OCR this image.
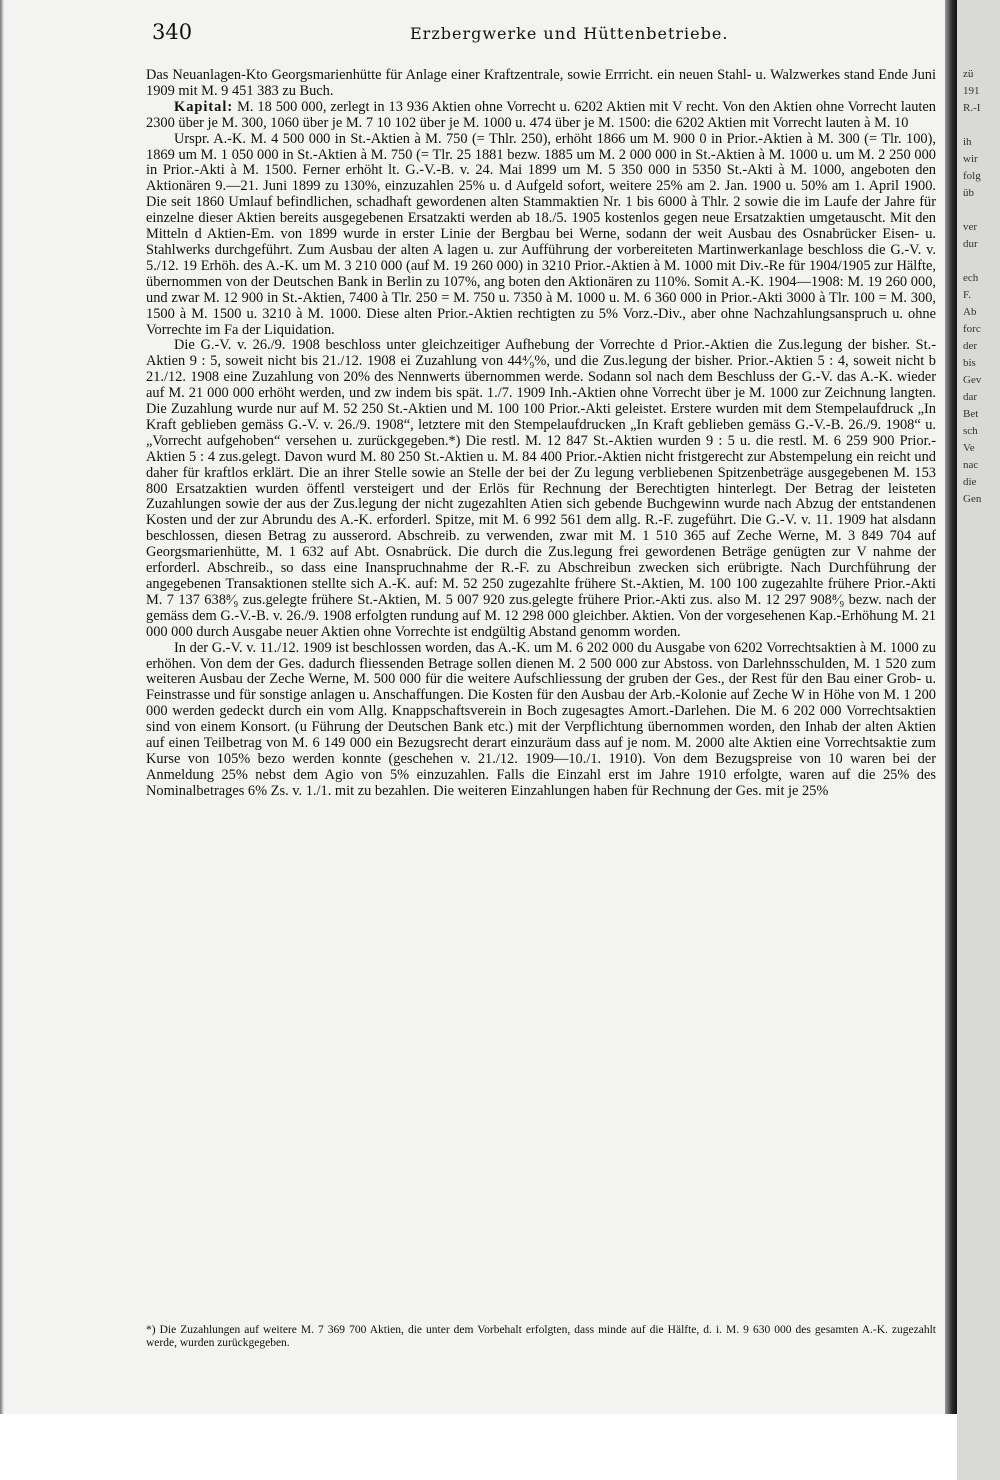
340	Erzbergwerke und Hüttenbetriebe.

Das Neuanlagen-Kto Georgsmarienhütte für Anlage einer Kraftzentrale, sowie Errricht. ein neuen Stahl- u. Walzwerkes stand Ende Juni 1909 mit M. 9 451 383 zu Buch.

Kapital: M. 18 500 000, zerlegt in 13 936 Aktien ohne Vorrecht u. 6202 Aktien mit V recht. Von den Aktien ohne Vorrecht lauten 2300 über je M. 300, 1060 über je M. 7 10 102 über je M. 1000 u. 474 über je M. 1500: die 6202 Aktien mit Vorrecht lauten à M. 10

Urspr. A.-K. M. 4 500 000 in St.-Aktien à M. 750 (= Thlr. 250), erhöht 1866 um M. 900 0 in Prior.-Aktien à M. 300 (= Tlr. 100), 1869 um M. 1 050 000 in St.-Aktien à M. 750 (= Tlr. 25 1881 bezw. 1885 um M. 2 000 000 in St.-Aktien à M. 1000 u. um M. 2 250 000 in Prior.-Akti à M. 1500. Ferner erhöht lt. G.-V.-B. v. 24. Mai 1899 um M. 5 350 000 in 5350 St.-Akti à M. 1000, angeboten den Aktionären 9.—21. Juni 1899 zu 130%, einzuzahlen 25% u. d Aufgeld sofort, weitere 25% am 2. Jan. 1900 u. 50% am 1. April 1900. Die seit 1860 Umlauf befindlichen, schadhaft gewordenen alten Stammaktien Nr. 1 bis 6000 à Thlr. 2 sowie die im Laufe der Jahre für einzelne dieser Aktien bereits ausgegebenen Ersatzakti werden ab 18./5. 1905 kostenlos gegen neue Ersatzaktien umgetauscht. Mit den Mitteln d Aktien-Em. von 1899 wurde in erster Linie der Bergbau bei Werne, sodann der weit Ausbau des Osnabrücker Eisen- u. Stahlwerks durchgeführt. Zum Ausbau der alten A lagen u. zur Aufführung der vorbereiteten Martinwerkanlage beschloss die G.-V. v. 5./12. 19 Erhöh. des A.-K. um M. 3 210 000 (auf M. 19 260 000) in 3210 Prior.-Aktien à M. 1000 mit Div.-Re für 1904/1905 zur Hälfte, übernommen von der Deutschen Bank in Berlin zu 107%, ang boten den Aktionären zu 110%. Somit A.-K. 1904—1908: M. 19 260 000, und zwar M. 12 900 in St.-Aktien, 7400 à Tlr. 250 = M. 750 u. 7350 à M. 1000 u. M. 6 360 000 in Prior.-Akti 3000 à Tlr. 100 = M. 300, 1500 à M. 1500 u. 3210 à M. 1000. Diese alten Prior.-Aktien rechtigten zu 5% Vorz.-Div., aber ohne Nachzahlungsanspruch u. ohne Vorrechte im Fa der Liquidation.

Die G.-V. v. 26./9. 1908 beschloss unter gleichzeitiger Aufhebung der Vorrechte d Prior.-Aktien die Zus.legung der bisher. St.-Aktien 9 : 5, soweit nicht bis 21./12. 1908 ei Zuzahlung von 44⁴⁄₉%, und die Zus.legung der bisher. Prior.-Aktien 5 : 4, soweit nicht b 21./12. 1908 eine Zuzahlung von 20% des Nennwerts übernommen werde. Sodann sol nach dem Beschluss der G.-V. das A.-K. wieder auf M. 21 000 000 erhöht werden, und zw indem bis spät. 1./7. 1909 Inh.-Aktien ohne Vorrecht über je M. 1000 zur Zeichnung langten. Die Zuzahlung wurde nur auf M. 52 250 St.-Aktien und M. 100 100 Prior.-Akti geleistet. Erstere wurden mit dem Stempelaufdruck „In Kraft geblieben gemäss G.-V. v. 26./9. 1908“, letztere mit den Stempelaufdrucken „In Kraft geblieben gemäss G.-V.-B. 26./9. 1908“ u. „Vorrecht aufgehoben“ versehen u. zurückgegeben.*) Die restl. M. 12 847 St.-Aktien wurden 9 : 5 u. die restl. M. 6 259 900 Prior.-Aktien 5 : 4 zus.gelegt. Davon wurd M. 80 250 St.-Aktien u. M. 84 400 Prior.-Aktien nicht fristgerecht zur Abstempelung ein reicht und daher für kraftlos erklärt. Die an ihrer Stelle sowie an Stelle der bei der Zu legung verbliebenen Spitzenbeträge ausgegebenen M. 153 800 Ersatzaktien wurden öffentl versteigert und der Erlös für Rechnung der Berechtigten hinterlegt. Der Betrag der leisteten Zuzahlungen sowie der aus der Zus.legung der nicht zugezahlten Atien sich gebende Buchgewinn wurde nach Abzug der entstandenen Kosten und der zur Abrundu des A.-K. erforderl. Spitze, mit M. 6 992 561 dem allg. R.-F. zugeführt. Die G.-V. v. 11. 1909 hat alsdann beschlossen, diesen Betrag zu ausserord. Abschreib. zu verwenden, zwar mit M. 1 510 365 auf Zeche Werne, M. 3 849 704 auf Georgsmarienhütte, M. 1 632 auf Abt. Osnabrück. Die durch die Zus.legung frei gewordenen Beträge genügten zur V nahme der erforderl. Abschreib., so dass eine Inanspruchnahme der R.-F. zu Abschreibun zwecken sich erübrigte. Nach Durchführung der angegebenen Transaktionen stellte sich A.-K. auf: M. 52 250 zugezahlte frühere St.-Aktien, M. 100 100 zugezahlte frühere Prior.-Akti M. 7 137 638⁸⁄₉ zus.gelegte frühere St.-Aktien, M. 5 007 920 zus.gelegte frühere Prior.-Akti zus. also M. 12 297 908⁸⁄₉ bezw. nach der gemäss dem G.-V.-B. v. 26./9. 1908 erfolgten rundung auf M. 12 298 000 gleichber. Aktien. Von der vorgesehenen Kap.-Erhöhung M. 21 000 000 durch Ausgabe neuer Aktien ohne Vorrechte ist endgültig Abstand genomm worden.

In der G.-V. v. 11./12. 1909 ist beschlossen worden, das A.-K. um M. 6 202 000 du Ausgabe von 6202 Vorrechtsaktien à M. 1000 zu erhöhen. Von dem der Ges. dadurch fliessenden Betrage sollen dienen M. 2 500 000 zur Abstoss. von Darlehnsschulden, M. 1 520 zum weiteren Ausbau der Zeche Werne, M. 500 000 für die weitere Aufschliessung der gruben der Ges., der Rest für den Bau einer Grob- u. Feinstrasse und für sonstige anlagen u. Anschaffungen. Die Kosten für den Ausbau der Arb.-Kolonie auf Zeche W in Höhe von M. 1 200 000 werden gedeckt durch ein vom Allg. Knappschaftsverein in Boch zugesagtes Amort.-Darlehen. Die M. 6 202 000 Vorrechtsaktien sind von einem Konsort. (u Führung der Deutschen Bank etc.) mit der Verpflichtung übernommen worden, den Inhab der alten Aktien auf einen Teilbetrag von M. 6 149 000 ein Bezugsrecht derart einzuräum dass auf je nom. M. 2000 alte Aktien eine Vorrechtsaktie zum Kurse von 105% bezo werden konnte (geschehen v. 21./12. 1909—10./1. 1910). Von dem Bezugspreise von 10 waren bei der Anmeldung 25% nebst dem Agio von 5% einzuzahlen. Falls die Einzahl erst im Jahre 1910 erfolgte, waren auf die 25% des Nominalbetrages 6% Zs. v. 1./1. mit zu bezahlen. Die weiteren Einzahlungen haben für Rechnung der Ges. mit je 25%

*) Die Zuzahlungen auf weitere M. 7 369 700 Aktien, die unter dem Vorbehalt erfolgten, dass minde auf die Hälfte, d. i. M. 9 630 000 des gesamten A.-K. zugezahlt werde, wurden zurückgegeben.
zü
191
R.-I

ih
wir
folg
üb

ver
dur

ech
F.
Ab
forc
der
bis
Gev
dar
Bet
sch
Ve
nac
die
Gen
